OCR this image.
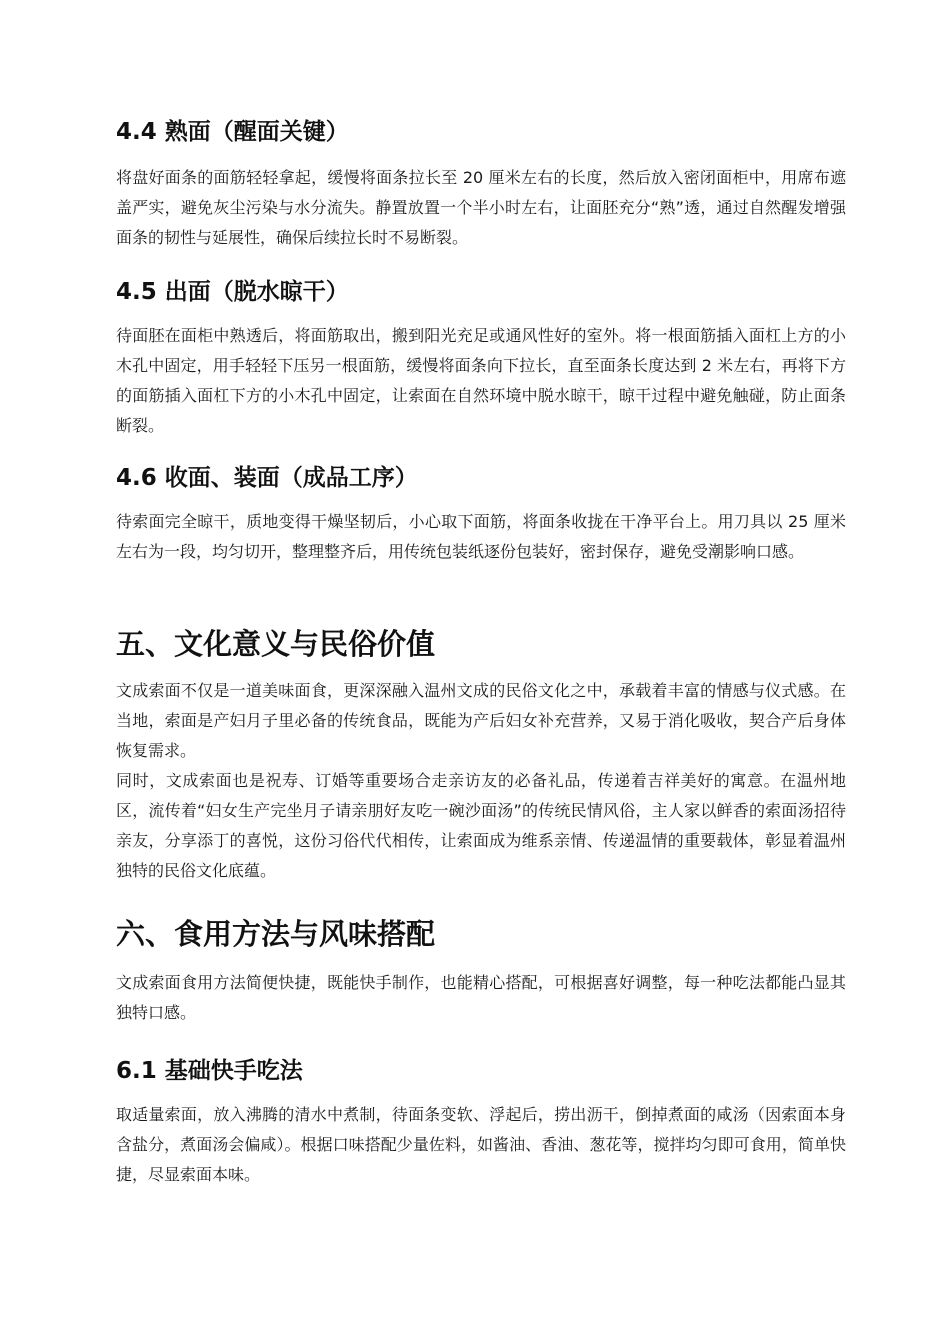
4.4 熟面（醒面关键）

将盘好面条的面筋轻轻拿起，缓慢将面条拉长至 20 厘米左右的长度，然后放入密闭面柜中，用席布遮盖严实，避免灰尘污染与水分流失。静置放置一个半小时左右，让面胚充分“熟”透，通过自然醒发增强面条的韧性与延展性，确保后续拉长时不易断裂。

4.5 出面（脱水晾干）

待面胚在面柜中熟透后，将面筋取出，搬到阳光充足或通风性好的室外。将一根面筋插入面杠上方的小木孔中固定，用手轻轻下压另一根面筋，缓慢将面条向下拉长，直至面条长度达到 2 米左右，再将下方的面筋插入面杠下方的小木孔中固定，让索面在自然环境中脱水晾干，晾干过程中避免触碰，防止面条断裂。

4.6 收面、装面（成品工序）

待索面完全晾干，质地变得干燥坚韧后，小心取下面筋，将面条收拢在干净平台上。用刀具以 25 厘米左右为一段，均匀切开，整理整齐后，用传统包装纸逐份包装好，密封保存，避免受潮影响口感。

五、文化意义与民俗价值

文成索面不仅是一道美味面食，更深深融入温州文成的民俗文化之中，承载着丰富的情感与仪式感。在当地，索面是产妇月子里必备的传统食品，既能为产后妇女补充营养，又易于消化吸收，契合产后身体恢复需求。

同时，文成索面也是祝寿、订婚等重要场合走亲访友的必备礼品，传递着吉祥美好的寓意。在温州地区，流传着“妇女生产完坐月子请亲朋好友吃一碗沙面汤”的传统民情风俗，主人家以鲜香的索面汤招待亲友，分享添丁的喜悦，这份习俗代代相传，让索面成为维系亲情、传递温情的重要载体，彰显着温州独特的民俗文化底蕴。

六、食用方法与风味搭配

文成索面食用方法简便快捷，既能快手制作，也能精心搭配，可根据喜好调整，每一种吃法都能凸显其独特口感。

6.1 基础快手吃法

取适量索面，放入沸腾的清水中煮制，待面条变软、浮起后，捞出沥干，倒掉煮面的咸汤（因索面本身含盐分，煮面汤会偏咸）。根据口味搭配少量佐料，如酱油、香油、葱花等，搅拌均匀即可食用，简单快捷，尽显索面本味。
